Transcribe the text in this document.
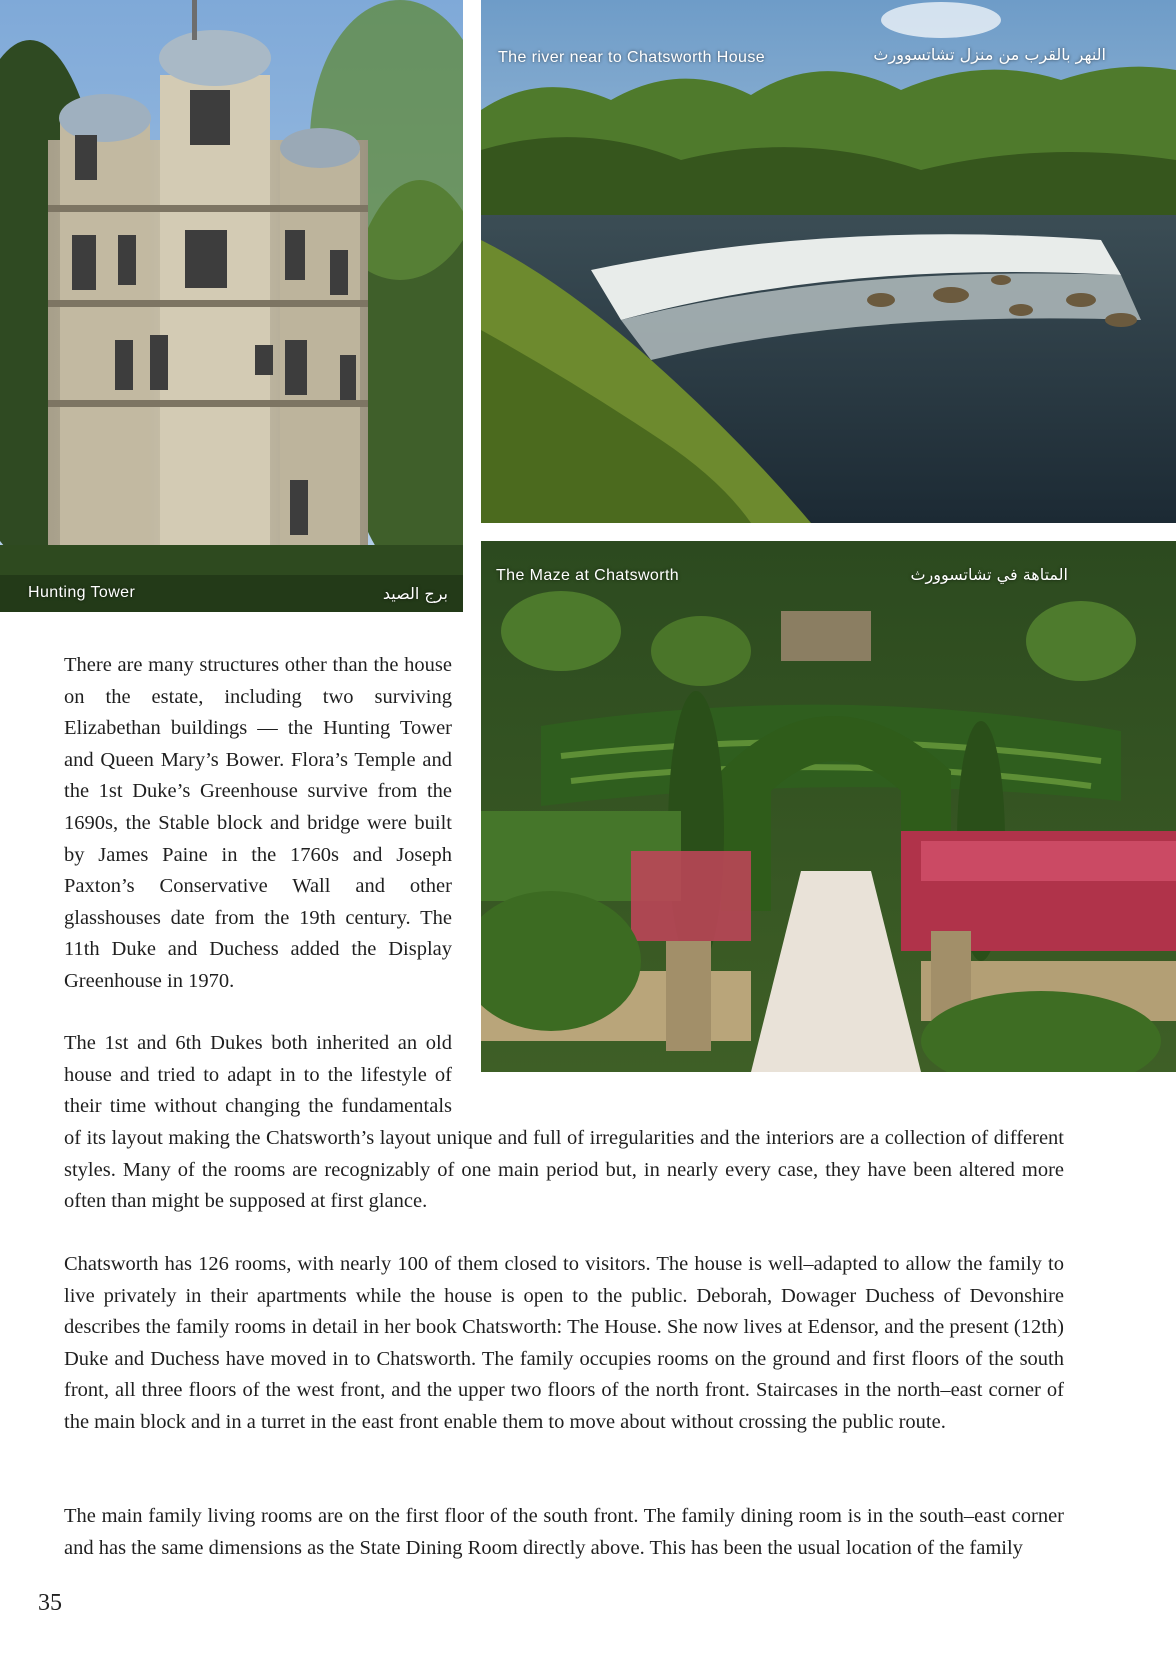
Hunting Tower	برج الصيد
The river near to Chatsworth House	النهر بالقرب من منزل تشاتسوورث
The Maze at Chatsworth	المتاهة في تشاتسوورث

There are many structures other than the house on the estate, including two surviving Elizabethan buildings — the Hunting Tower and Queen Mary’s Bower. Flora’s Temple and the 1st Duke’s Greenhouse survive from the 1690s, the Stable block and bridge were built by James Paine in the 1760s and Joseph Paxton’s Conservative Wall and other glasshouses date from the 19th century. The 11th Duke and Duchess added the Display Greenhouse in 1970.

The 1st and 6th Dukes both inherited an old house and tried to adapt in to the lifestyle of their time without changing the fundamentals

of its layout making the Chatsworth’s layout unique and full of irregularities and the interiors are a collection of different styles. Many of the rooms are recognizably of one main period but, in nearly every case, they have been altered more often than might be supposed at first glance.

Chatsworth has 126 rooms, with nearly 100 of them closed to visitors. The house is well–adapted to allow the family to live privately in their apartments while the house is open to the public. Deborah, Dowager Duchess of Devonshire describes the family rooms in detail in her book Chatsworth: The House. She now lives at Edensor, and the present (12th) Duke and Duchess have moved in to Chatsworth. The family occupies rooms on the ground and first floors of the south front, all three floors of the west front, and the upper two floors of the north front. Staircases in the north–east corner of the main block and in a turret in the east front enable them to move about without crossing the public route.

The main family living rooms are on the first floor of the south front. The family dining room is in the south–east corner and has the same dimensions as the State Dining Room directly above. This has been the usual location of the family

35
